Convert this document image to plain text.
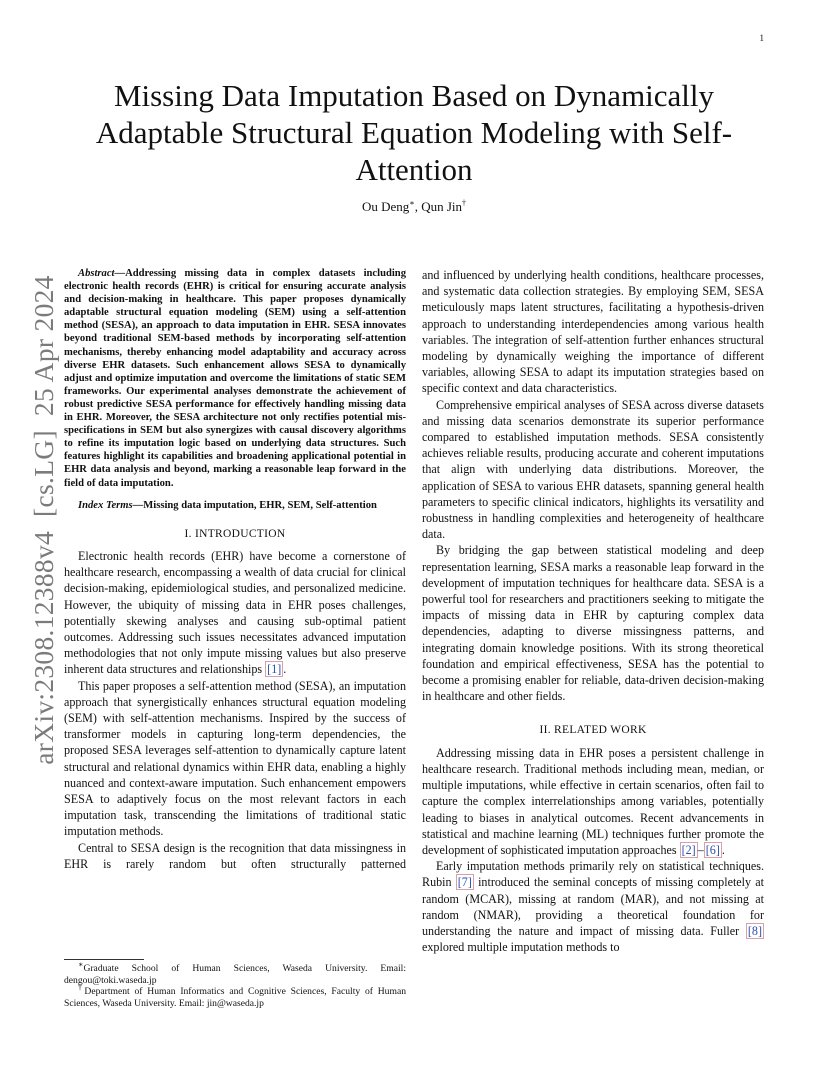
1
arXiv:2308.12388v4[cs.LG]25 Apr 2024
Missing Data Imputation Based on Dynamically Adaptable Structural Equation Modeling with Self-Attention
Ou Deng∗, Qun Jin†

Abstract—Addressing missing data in complex datasets including electronic health records (EHR) is critical for ensuring accurate analysis and decision-making in healthcare. This paper proposes dynamically adaptable structural equation modeling (SEM) using a self-attention method (SESA), an approach to data imputation in EHR. SESA innovates beyond traditional SEM-based methods by incorporating self-attention mechanisms, thereby enhancing model adaptability and accuracy across diverse EHR datasets. Such enhancement allows SESA to dynamically adjust and optimize imputation and overcome the limitations of static SEM frameworks. Our experimental analyses demonstrate the achievement of robust predictive SESA performance for effectively handling missing data in EHR. Moreover, the SESA architecture not only rectifies potential mis-specifications in SEM but also synergizes with causal discovery algorithms to refine its imputation logic based on underlying data structures. Such features highlight its capabilities and broadening applicational potential in EHR data analysis and beyond, marking a reasonable leap forward in the field of data imputation.

Index Terms—Missing data imputation, EHR, SEM, Self-attention

I. INTRODUCTION

Electronic health records (EHR) have become a cornerstone of healthcare research, encompassing a wealth of data crucial for clinical decision-making, epidemiological studies, and personalized medicine. However, the ubiquity of missing data in EHR poses challenges, potentially skewing analyses and causing sub-optimal patient outcomes. Addressing such issues necessitates advanced imputation methodologies that not only impute missing values but also preserve inherent data structures and relationships [1] .

This paper proposes a self-attention method (SESA), an imputation approach that synergistically enhances structural equation modeling (SEM) with self-attention mechanisms. Inspired by the success of transformer models in capturing long-term dependencies, the proposed SESA leverages self-attention to dynamically capture latent structural and relational dynamics within EHR data, enabling a highly nuanced and context-aware imputation. Such enhancement empowers SESA to adaptively focus on the most relevant factors in each imputation task, transcending the limitations of traditional static imputation methods.

Central to SESA design is the recognition that data missingness in EHR is rarely random but often structurally patterned

∗Graduate School of Human Sciences, Waseda University. Email: dengou@toki.waseda.jp
†Department of Human Informatics and Cognitive Sciences, Faculty of Human Sciences, Waseda University. Email: jin@waseda.jp

and influenced by underlying health conditions, healthcare processes, and systematic data collection strategies. By employing SEM, SESA meticulously maps latent structures, facilitating a hypothesis-driven approach to understanding interdependencies among various health variables. The integration of self-attention further enhances structural modeling by dynamically weighing the importance of different variables, allowing SESA to adapt its imputation strategies based on specific context and data characteristics.

Comprehensive empirical analyses of SESA across diverse datasets and missing data scenarios demonstrate its superior performance compared to established imputation methods. SESA consistently achieves reliable results, producing accurate and coherent imputations that align with underlying data distributions. Moreover, the application of SESA to various EHR datasets, spanning general health parameters to specific clinical indicators, highlights its versatility and robustness in handling complexities and heterogeneity of healthcare data.

By bridging the gap between statistical modeling and deep representation learning, SESA marks a reasonable leap forward in the development of imputation techniques for healthcare data. SESA is a powerful tool for researchers and practitioners seeking to mitigate the impacts of missing data in EHR by capturing complex data dependencies, adapting to diverse missingness patterns, and integrating domain knowledge positions. With its strong theoretical foundation and empirical effectiveness, SESA has the potential to become a promising enabler for reliable, data-driven decision-making in healthcare and other fields.

II. RELATED WORK

Addressing missing data in EHR poses a persistent challenge in healthcare research. Traditional methods including mean, median, or multiple imputations, while effective in certain scenarios, often fail to capture the complex interrelationships among variables, potentially leading to biases in analytical outcomes. Recent advancements in statistical and machine learning (ML) techniques further promote the development of sophisticated imputation approaches [2] – [6] .

Early imputation methods primarily rely on statistical techniques. Rubin [7] introduced the seminal concepts of missing completely at random (MCAR), missing at random (MAR), and not missing at random (NMAR), providing a theoretical foundation for understanding the nature and impact of missing data. Fuller [8] explored multiple imputation methods to
